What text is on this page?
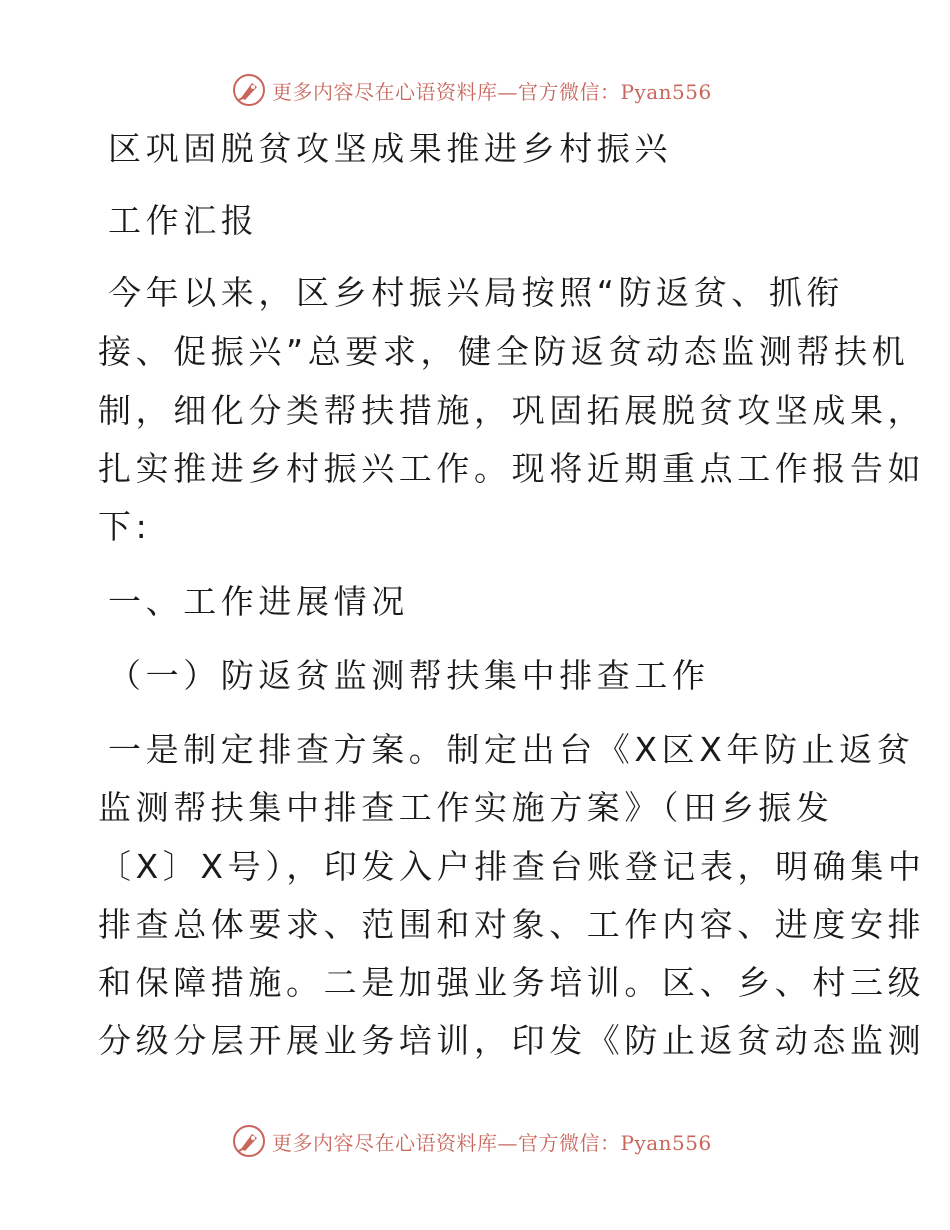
更多内容尽在心语资料库—官方微信：Pyan556
区巩固脱贫攻坚成果推进乡村振兴
工作汇报
今年以来，区乡村振兴局按照“防返贫、抓衔
接、促振兴”总要求，健全防返贫动态监测帮扶机
制，细化分类帮扶措施，巩固拓展脱贫攻坚成果，
扎实推进乡村振兴工作。现将近期重点工作报告如
下:
一、工作进展情况
（一）防返贫监测帮扶集中排查工作
一是制定排查方案。制定出台《X区X年防止返贫
监测帮扶集中排查工作实施方案》（田乡振发
〔X〕X号），印发入户排查台账登记表，明确集中
排查总体要求、范围和对象、工作内容、进度安排
和保障措施。二是加强业务培训。区、乡、村三级
分级分层开展业务培训，印发《防止返贫动态监测
更多内容尽在心语资料库—官方微信：Pyan556
